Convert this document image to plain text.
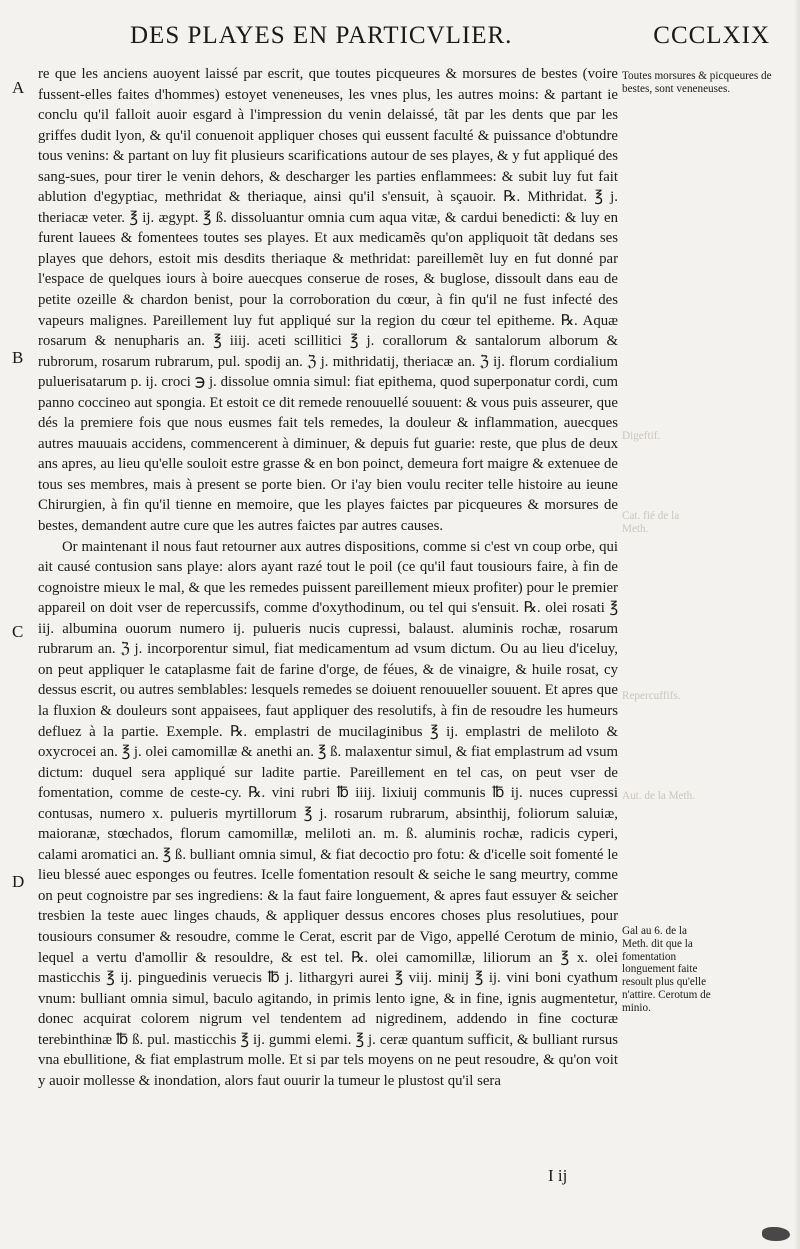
DES PLAYES EN PARTICVLIER.	CCCLXIX
A
B
C
D

re que les anciens auoyent laissé par escrit, que toutes picqueures & morsures de bestes (voire fussent-elles faites d'hommes) estoyet veneneuses, les vnes plus, les autres moins: & partant ie conclu qu'il falloit auoir esgard à l'impression du venin delaissé, tãt par les dents que par les griffes dudit lyon, & qu'il conuenoit appliquer choses qui eussent faculté & puissance d'obtundre tous venins: & partant on luy fit plusieurs scarifications autour de ses playes, & y fut appliqué des sang-sues, pour tirer le venin dehors, & descharger les parties enflammees: & subit luy fut fait ablution d'egyptiac, methridat & theriaque, ainsi qu'il s'ensuit, à sçauoir. ℞. Mithridat. ℥ j. theriacæ veter. ℥ ij. ægypt. ℥ ß. dissoluantur omnia cum aqua vitæ, & cardui benedicti: & luy en furent lauees & fomentees toutes ses playes. Et aux medicamẽs qu'on appliquoit tãt dedans ses playes que dehors, estoit mis desdits theriaque & methridat: pareillemẽt luy en fut donné par l'espace de quelques iours à boire auecques conserue de roses, & buglose, dissoult dans eau de petite ozeille & chardon benist, pour la corroboration du cœur, à fin qu'il ne fust infecté des vapeurs malignes. Pareillement luy fut appliqué sur la region du cœur tel epitheme. ℞. Aquæ rosarum & nenupharis an. ℥ iiij. aceti scillitici ℥ j. corallorum & santalorum alborum & rubrorum, rosarum rubrarum, pul. spodij an. ℨ j. mithridatij, theriacæ an. ℨ ij. florum cordialium puluerisatarum p. ij. croci ℈ j. dissolue omnia simul: fiat epithema, quod superponatur cordi, cum panno coccineo aut spongia. Et estoit ce dit remede renouuellé souuent: & vous puis asseurer, que dés la premiere fois que nous eusmes fait tels remedes, la douleur & inflammation, auecques autres mauuais accidens, commencerent à diminuer, & depuis fut guarie: reste, que plus de deux ans apres, au lieu qu'elle souloit estre grasse & en bon poinct, demeura fort maigre & extenuee de tous ses membres, mais à present se porte bien. Or i'ay bien voulu reciter telle histoire au ieune Chirurgien, à fin qu'il tienne en memoire, que les playes faictes par picqueures & morsures de bestes, demandent autre cure que les autres faictes par autres causes.

Or maintenant il nous faut retourner aux autres dispositions, comme si c'est vn coup orbe, qui ait causé contusion sans playe: alors ayant razé tout le poil (ce qu'il faut tousiours faire, à fin de cognoistre mieux le mal, & que les remedes puissent pareillement mieux profiter) pour le premier appareil on doit vser de repercussifs, comme d'oxythodinum, ou tel qui s'ensuit. ℞. olei rosati ℥ iij. albumina ouorum numero ij. pulueris nucis cupressi, balaust. aluminis rochæ, rosarum rubrarum an. ℨ j. incorporentur simul, fiat medicamentum ad vsum dictum. Ou au lieu d'iceluy, on peut appliquer le cataplasme fait de farine d'orge, de féues, & de vinaigre, & huile rosat, cy dessus escrit, ou autres semblables: lesquels remedes se doiuent renouueller souuent. Et apres que la fluxion & douleurs sont appaisees, faut appliquer des resolutifs, à fin de resoudre les humeurs defluez à la partie. Exemple. ℞. emplastri de mucilaginibus ℥ ij. emplastri de meliloto & oxycrocei an. ℥ j. olei camomillæ & anethi an. ℥ ß. malaxentur simul, & fiat emplastrum ad vsum dictum: duquel sera appliqué sur ladite partie. Pareillement en tel cas, on peut vser de fomentation, comme de ceste-cy. ℞. vini rubri ℔ iiij. lixiuij communis ℔ ij. nuces cupressi contusas, numero x. pulueris myrtillorum ℥ j. rosarum rubrarum, absinthij, foliorum saluiæ, maioranæ, stœchados, florum camomillæ, meliloti an. m. ß. aluminis rochæ, radicis cyperi, calami aromatici an. ℥ ß. bulliant omnia simul, & fiat decoctio pro fotu: & d'icelle soit fomenté le lieu blessé auec esponges ou feutres. Icelle fomentation resoult & seiche le sang meurtry, comme on peut cognoistre par ses ingrediens: & la faut faire longuement, & apres faut essuyer & seicher tresbien la teste auec linges chauds, & appliquer dessus encores choses plus resolutiues, pour tousiours consumer & resoudre, comme le Cerat, escrit par de Vigo, appellé Cerotum de minio, lequel a vertu d'amollir & resouldre, & est tel. ℞. olei camomillæ, liliorum an ℥ x. olei masticchis ℥ ij. pinguedinis veruecis ℔ j. lithargyri aurei ℥ viij. minij ℥ ij. vini boni cyathum vnum: bulliant omnia simul, baculo agitando, in primis lento igne, & in fine, ignis augmentetur, donec acquirat colorem nigrum vel tendentem ad nigredinem, addendo in fine cocturæ terebinthinæ ℔ ß. pul. masticchis ℥ ij. gummi elemi. ℥ j. ceræ quantum sufficit, & bulliant rursus vna ebullitione, & fiat emplastrum molle. Et si par tels moyens on ne peut resoudre, & qu'on voit y auoir mollesse & inondation, alors faut ouurir la tumeur le plustost qu'il sera

Toutes morsures & picqueures de bestes, sont veneneuses.
Gal au 6. de la Meth. dit que la fomentation longuement faite resoult plus qu'elle n'attire. Cerotum de minio.
Digeftif.
Cat. fié de la Meth.
Repercuffifs.
Aut. de la Meth.
I ij
